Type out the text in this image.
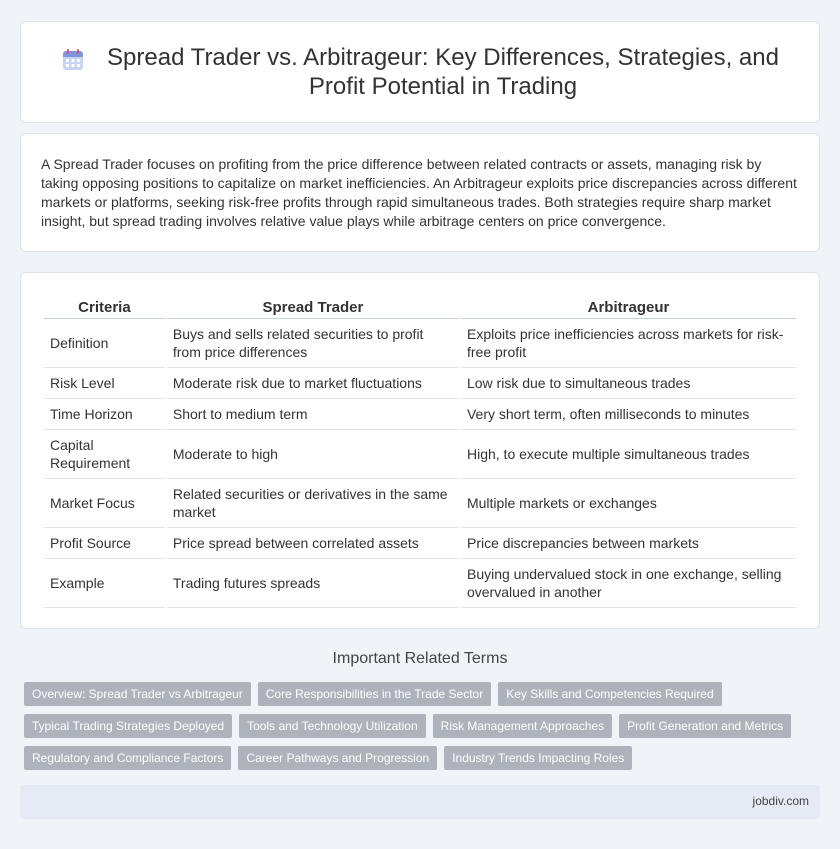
Spread Trader vs. Arbitrageur: Key Differences, Strategies, and Profit Potential in Trading

A Spread Trader focuses on profiting from the price difference between related contracts or assets, managing risk by taking opposing positions to capitalize on market inefficiencies. An Arbitrageur exploits price discrepancies across different markets or platforms, seeking risk-free profits through rapid simultaneous trades. Both strategies require sharp market insight, but spread trading involves relative value plays while arbitrage centers on price convergence.

Criteria	Spread Trader	Arbitrageur
Definition	Buys and sells related securities to profit from price differences	Exploits price inefficiencies across markets for risk-free profit
Risk Level	Moderate risk due to market fluctuations	Low risk due to simultaneous trades
Time Horizon	Short to medium term	Very short term, often milliseconds to minutes
Capital Requirement	Moderate to high	High, to execute multiple simultaneous trades
Market Focus	Related securities or derivatives in the same market	Multiple markets or exchanges
Profit Source	Price spread between correlated assets	Price discrepancies between markets
Example	Trading futures spreads	Buying undervalued stock in one exchange, selling overvalued in another
Important Related Terms
Overview: Spread Trader vs Arbitrageur	Core Responsibilities in the Trade Sector	Key Skills and Competencies Required
Typical Trading Strategies Deployed	Tools and Technology Utilization	Risk Management Approaches	Profit Generation and Metrics
Regulatory and Compliance Factors	Career Pathways and Progression	Industry Trends Impacting Roles
jobdiv.com
